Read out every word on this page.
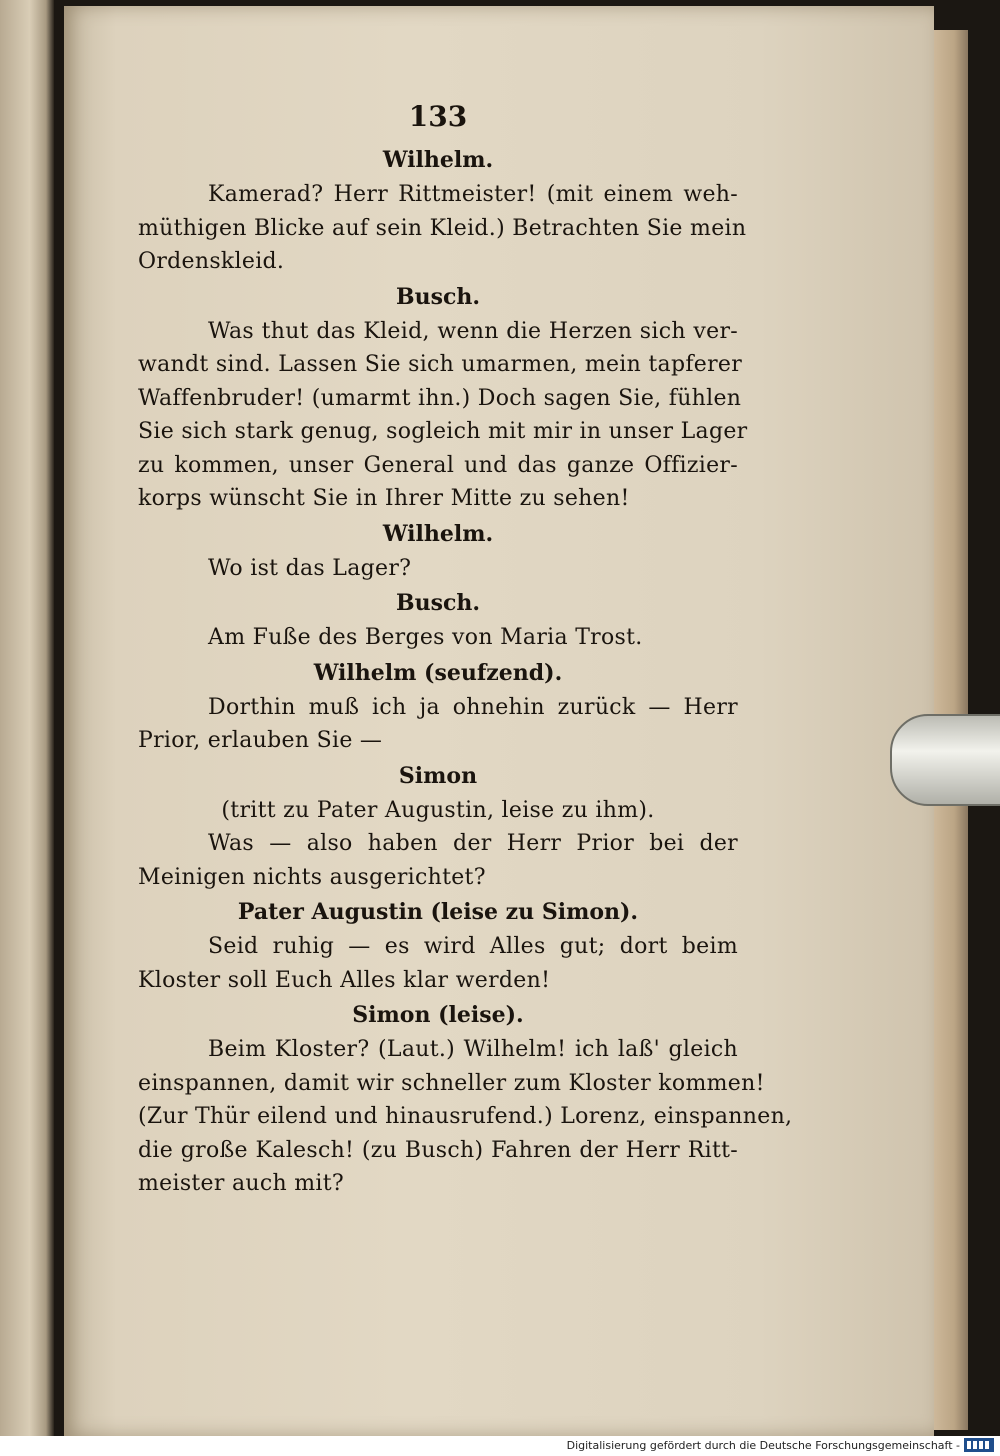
133
Wilhelm.
Kamerad? Herr Rittmeister! (mit einem weh-
müthigen Blicke auf sein Kleid.) Betrachten Sie mein
Ordenskleid.
Busch.
Was thut das Kleid, wenn die Herzen sich ver-
wandt sind. Lassen Sie sich umarmen, mein tapferer
Waffenbruder! (umarmt ihn.) Doch sagen Sie, fühlen
Sie sich stark genug, sogleich mit mir in unser Lager
zu kommen, unser General und das ganze Offizier-
korps wünscht Sie in Ihrer Mitte zu sehen!
Wilhelm.
Wo ist das Lager?
Busch.
Am Fuße des Berges von Maria Trost.
Wilhelm (seufzend).
Dorthin muß ich ja ohnehin zurück — Herr
Prior, erlauben Sie —
Simon
(tritt zu Pater Augustin, leise zu ihm).
Was — also haben der Herr Prior bei der
Meinigen nichts ausgerichtet?
Pater Augustin (leise zu Simon).
Seid ruhig — es wird Alles gut; dort beim
Kloster soll Euch Alles klar werden!
Simon (leise).
Beim Kloster? (Laut.) Wilhelm! ich laß' gleich
einspannen, damit wir schneller zum Kloster kommen!
(Zur Thür eilend und hinausrufend.) Lorenz, einspannen,
die große Kalesch! (zu Busch) Fahren der Herr Ritt-
meister auch mit?
Digitalisierung gefördert durch die Deutsche Forschungsgemeinschaft -
